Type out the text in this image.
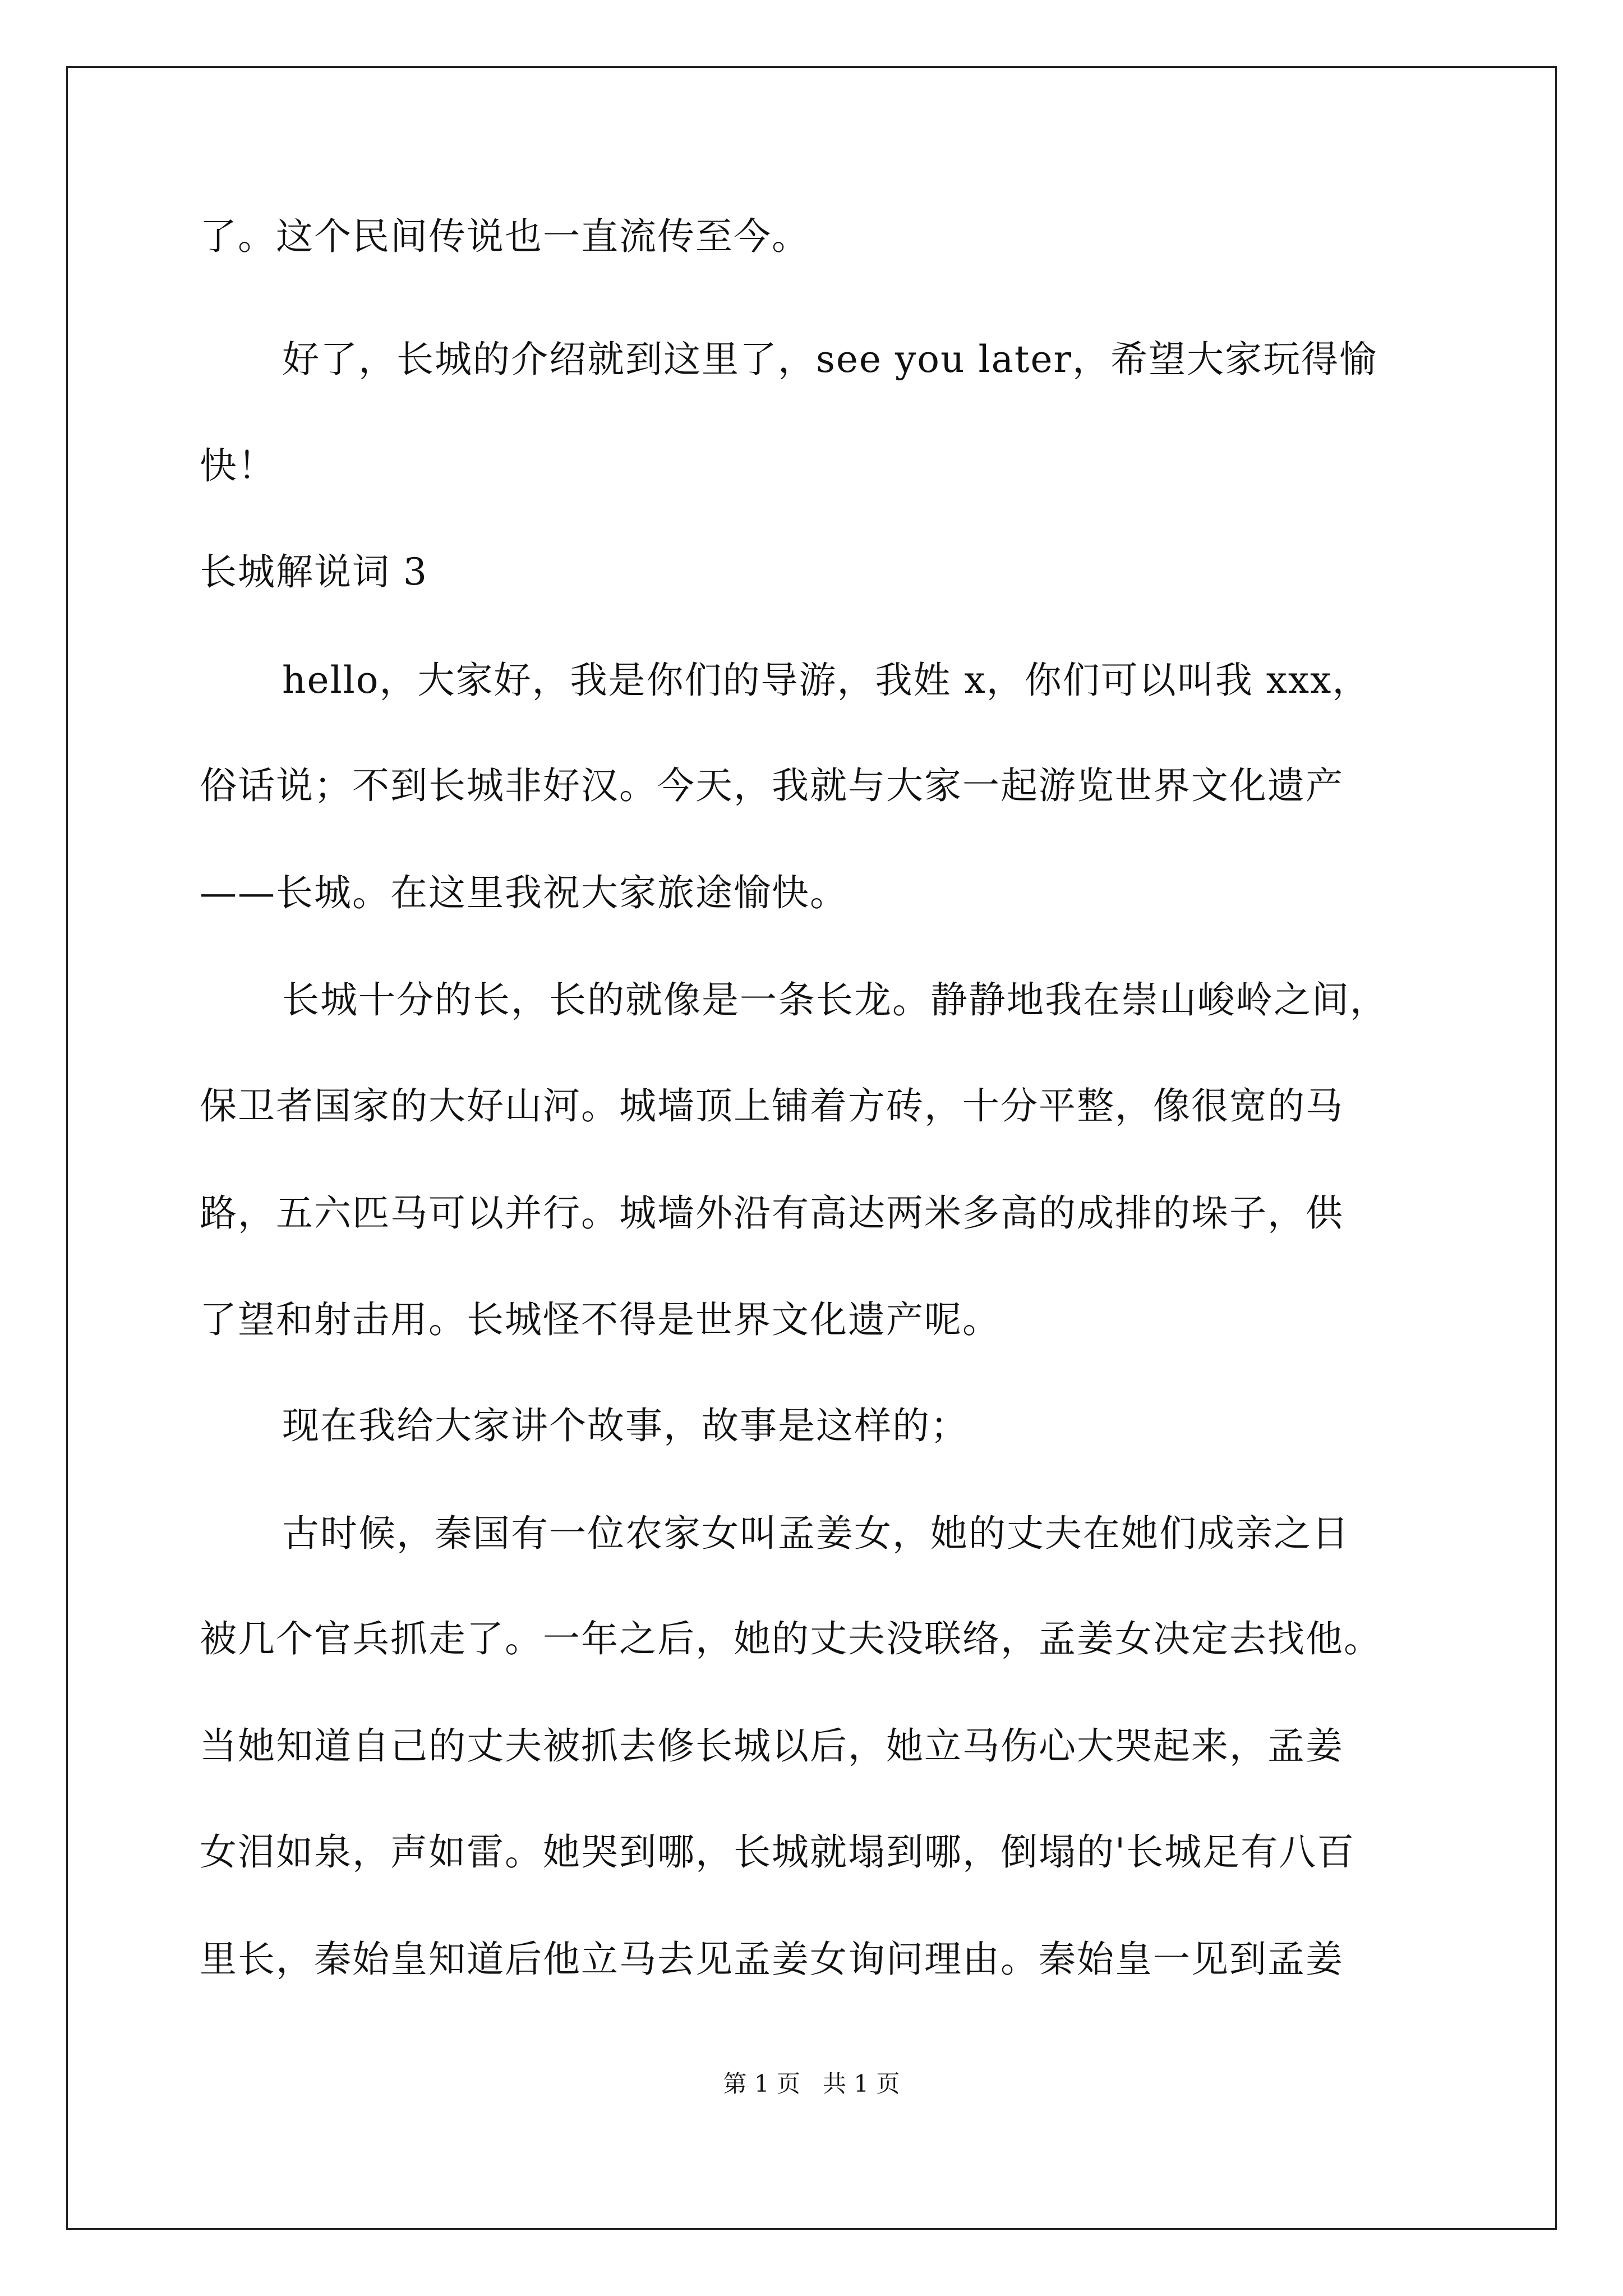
了。这个民间传说也一直流传至今。
好了，长城的介绍就到这里了，see you later，希望大家玩得愉
快！
长城解说词 3
hello，大家好，我是你们的导游，我姓 x，你们可以叫我 xxx，
俗话说；不到长城非好汉。今天，我就与大家一起游览世界文化遗产
——长城。在这里我祝大家旅途愉快。
长城十分的长，长的就像是一条长龙。静静地我在崇山峻岭之间，
保卫者国家的大好山河。城墙顶上铺着方砖，十分平整，像很宽的马
路，五六匹马可以并行。城墙外沿有高达两米多高的成排的垛子，供
了望和射击用。长城怪不得是世界文化遗产呢。
现在我给大家讲个故事，故事是这样的；
古时候，秦国有一位农家女叫孟姜女，她的丈夫在她们成亲之日
被几个官兵抓走了。一年之后，她的丈夫没联络，孟姜女决定去找他。
当她知道自己的丈夫被抓去修长城以后，她立马伤心大哭起来，孟姜
女泪如泉，声如雷。她哭到哪，长城就塌到哪，倒塌的'长城足有八百
里长，秦始皇知道后他立马去见孟姜女询问理由。秦始皇一见到孟姜
第 1 页   共 1 页
